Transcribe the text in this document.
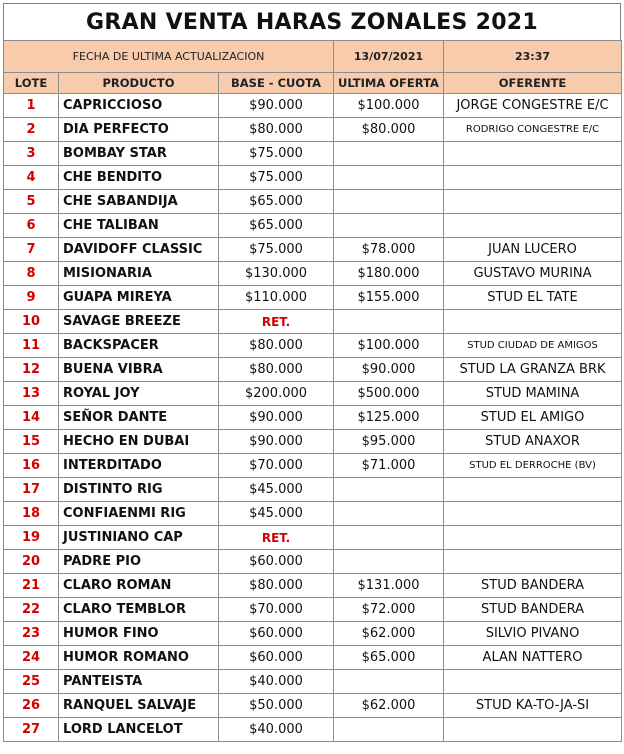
GRAN VENTA HARAS ZONALES 2021
FECHA DE ULTIMA ACTUALIZACION			13/07/2021	23:37
LOTE	PRODUCTO	BASE - CUOTA	ULTIMA OFERTA	OFERENTE
1	CAPRICCIOSO	$90.000	$100.000	JORGE CONGESTRE E/C
2	DIA PERFECTO	$80.000	$80.000	RODRIGO CONGESTRE E/C
3	BOMBAY STAR	$75.000		
4	CHE BENDITO	$75.000		
5	CHE SABANDIJA	$65.000		
6	CHE TALIBAN	$65.000		
7	DAVIDOFF CLASSIC	$75.000	$78.000	JUAN LUCERO
8	MISIONARIA	$130.000	$180.000	GUSTAVO MURINA
9	GUAPA MIREYA	$110.000	$155.000	STUD EL TATE
10	SAVAGE BREEZE	RET.		
11	BACKSPACER	$80.000	$100.000	STUD CIUDAD DE AMIGOS
12	BUENA VIBRA	$80.000	$90.000	STUD LA GRANZA BRK
13	ROYAL JOY	$200.000	$500.000	STUD MAMINA
14	SEÑOR DANTE	$90.000	$125.000	STUD EL AMIGO
15	HECHO EN DUBAI	$90.000	$95.000	STUD ANAXOR
16	INTERDITADO	$70.000	$71.000	STUD EL DERROCHE (BV)
17	DISTINTO RIG	$45.000		
18	CONFIAENMI RIG	$45.000		
19	JUSTINIANO CAP	RET.		
20	PADRE PIO	$60.000		
21	CLARO ROMAN	$80.000	$131.000	STUD BANDERA
22	CLARO TEMBLOR	$70.000	$72.000	STUD BANDERA
23	HUMOR FINO	$60.000	$62.000	SILVIO PIVANO
24	HUMOR ROMANO	$60.000	$65.000	ALAN NATTERO
25	PANTEISTA	$40.000		
26	RANQUEL SALVAJE	$50.000	$62.000	STUD KA-TO-JA-SI
27	LORD LANCELOT	$40.000		
